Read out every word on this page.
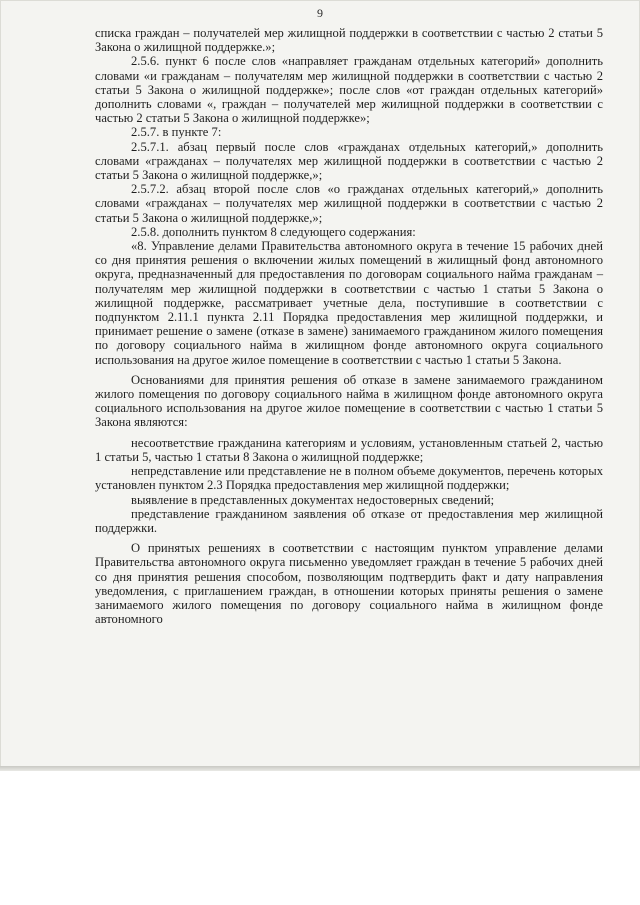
9

списка граждан – получателей мер жилищной поддержки в соответствии с частью 2 статьи 5 Закона о жилищной поддержке.»;

2.5.6. пункт 6 после слов «направляет гражданам отдельных категорий» дополнить словами «и гражданам – получателям мер жилищной поддержки в соответствии с частью 2 статьи 5 Закона о жилищной поддержке»; после слов «от граждан отдельных категорий» дополнить словами «, граждан – получателей мер жилищной поддержки в соответствии с частью 2 статьи 5 Закона о жилищной поддержке»;

2.5.7. в пункте 7:

2.5.7.1. абзац первый после слов «гражданах отдельных категорий,» дополнить словами «гражданах – получателях мер жилищной поддержки в соответствии с частью 2 статьи 5 Закона о жилищной поддержке,»;

2.5.7.2. абзац второй после слов «о гражданах отдельных категорий,» дополнить словами «гражданах – получателях мер жилищной поддержки в соответствии с частью 2 статьи 5 Закона о жилищной поддержке,»;

2.5.8. дополнить пунктом 8 следующего содержания:

«8. Управление делами Правительства автономного округа в течение 15 рабочих дней со дня принятия решения о включении жилых помещений в жилищный фонд автономного округа, предназначенный для предоставления по договорам социального найма гражданам – получателям мер жилищной поддержки в соответствии с частью 1 статьи 5 Закона о жилищной поддержке, рассматривает учетные дела, поступившие в соответствии с подпунктом 2.11.1 пункта 2.11 Порядка предоставления мер жилищной поддержки, и принимает решение о замене (отказе в замене) занимаемого гражданином жилого помещения по договору социального найма в жилищном фонде автономного округа социального использования на другое жилое помещение в соответствии с частью 1 статьи 5 Закона.

Основаниями для принятия решения об отказе в замене занимаемого гражданином жилого помещения по договору социального найма в жилищном фонде автономного округа социального использования на другое жилое помещение в соответствии с частью 1 статьи 5 Закона являются:

несоответствие гражданина категориям и условиям, установленным статьей 2, частью 1 статьи 5, частью 1 статьи 8 Закона о жилищной поддержке;

непредставление или представление не в полном объеме документов, перечень которых установлен пунктом 2.3 Порядка предоставления мер жилищной поддержки;

выявление в представленных документах недостоверных сведений;

представление гражданином заявления об отказе от предоставления мер жилищной поддержки.

О принятых решениях в соответствии с настоящим пунктом управление делами Правительства автономного округа письменно уведомляет граждан в течение 5 рабочих дней со дня принятия решения способом, позволяющим подтвердить факт и дату направления уведомления, с приглашением граждан, в отношении которых приняты решения о замене занимаемого жилого помещения по договору социального найма в жилищном фонде автономного
